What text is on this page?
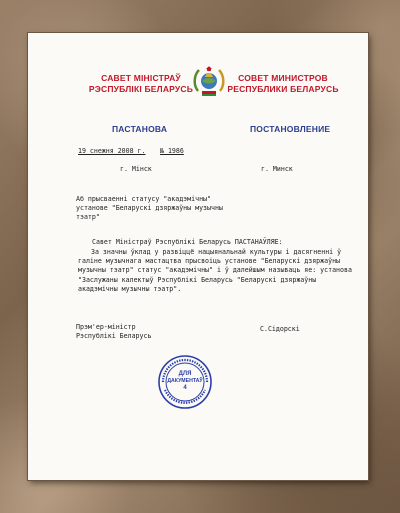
САВЕТ МІНІСТРАЎ
РЭСПУБЛІКІ БЕЛАРУСЬ
СОВЕТ МИНИСТРОВ
РЕСПУБЛИКИ БЕЛАРУСЬ
ПАСТАНОВА	ПОСТАНОВЛЕНИЕ
19 снежня 2008 г. № 1986
г. Мінск	г. Минск
Аб прысваенні статусу "акадэмічны"
установе "Беларускі дзяржаўны музычны
тэатр"
Савет Міністраў Рэспублікі Беларусь ПАСТАНАЎЛЯЕ:
За значны ўклад у развіццё нацыянальнай культуры і дасягненні ў
галіне музычнага мастацтва прысвоіць установе "Беларускі дзяржаўны
музычны тэатр" статус "акадэмічны" і ў далейшым называць яе: установа
"Заслужаны калектыў Рэспублікі Беларусь "Беларускі дзяржаўны
акадэмічны музычны тэатр".
Прэм'ер-міністр
Рэспублікі Беларусь
С.Сідорскі
ДЛЯ
ДАКУМЕНТАЎ
4
